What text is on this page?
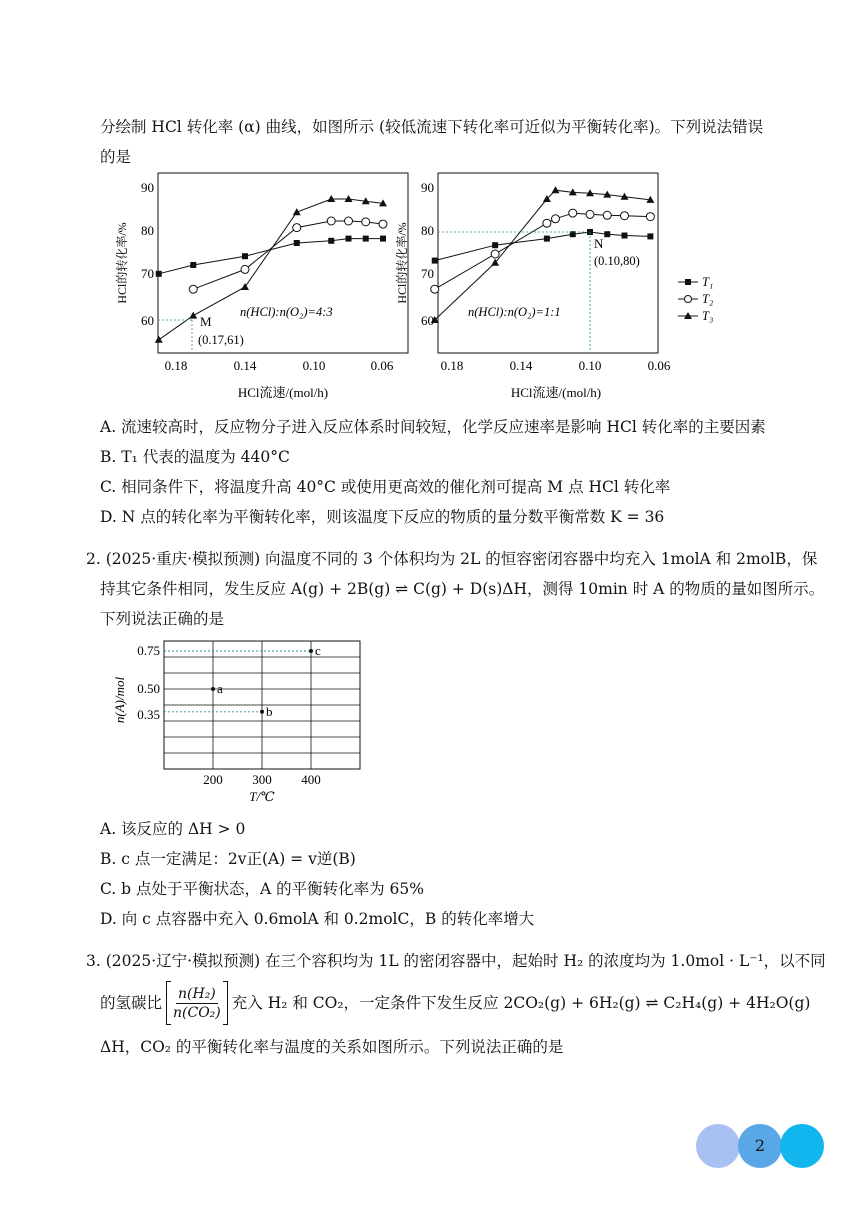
分绘制 HCl 转化率 (α) 曲线，如图所示 (较低流速下转化率可近似为平衡转化率)。下列说法错误
的是
90
80
70
60
90
80
70
60
HCl的转化率/%	HCl的转化率/%
0.18	0.14	0.10	0.06	0.18	0.14	0.10	0.06
HCl流速/(mol/h)	HCl流速/(mol/h)
n(HCl):n(O₂)=4:3	n(HCl):n(O₂)=1:1
M
(0.17,61)
N
(0.10,80)
T₁
T₂
T₃
A. 流速较高时，反应物分子进入反应体系时间较短，化学反应速率是影响 HCl 转化率的主要因素
B. T₁ 代表的温度为 440°C
C. 相同条件下，将温度升高 40°C 或使用更高效的催化剂可提高 M 点 HCl 转化率
D. N 点的转化率为平衡转化率，则该温度下反应的物质的量分数平衡常数 K = 36
2. (2025·重庆·模拟预测) 向温度不同的 3 个体积均为 2L 的恒容密闭容器中均充入 1molA 和 2molB，保
持其它条件相同，发生反应 A(g) + 2B(g) ⇌ C(g) + D(s)ΔH，测得 10min 时 A 的物质的量如图所示。
下列说法正确的是
a
b
c
0.75
0.50
0.35
200 300 400
n(A)/mol
T/℃
A. 该反应的 ΔH > 0
B. c 点一定满足：2v正(A) = v逆(B)
C. b 点处于平衡状态，A 的平衡转化率为 65%
D. 向 c 点容器中充入 0.6molA 和 0.2molC，B 的转化率增大
3. (2025·辽宁·模拟预测) 在三个容积均为 1L 的密闭容器中，起始时 H₂ 的浓度均为 1.0mol · L⁻¹，以不同
的氢碳比 $\frac{\text{n(H₂)}}{\text{n(CO₂)}}$ 充入 H₂ 和 CO₂，一定条件下发生反应 2CO₂(g) + 6H₂(g) ⇌ C₂H₄(g) + 4H₂O(g)
ΔH，CO₂ 的平衡转化率与温度的关系如图所示。下列说法正确的是
2
